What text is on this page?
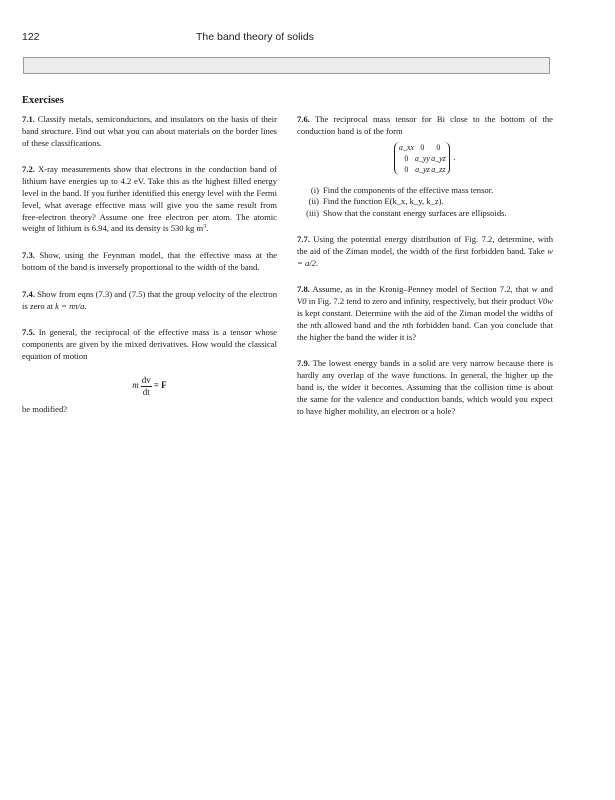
122	The band theory of solids
Exercises

7.1. Classify metals, semiconductors, and insulators on the basis of their band structure. Find out what you can about materials on the border lines of these classifications.

7.2. X-ray measurements show that electrons in the conduction band of lithium have energies up to 4.2 eV. Take this as the highest filled energy level in the band. If you further identified this energy level with the Fermi level, what average effective mass will give you the same result from free-electron theory? Assume one free electron per atom. The atomic weight of lithium is 6.94, and its density is 530 kg $m^3$.

7.3. Show, using the Feynman model, that the effective mass at the bottom of the band is inversely proportional to the width of the band.

7.4. Show from eqns (7.3) and (7.5) that the group velocity of the electron is zero at k = nπ/a.

7.5. In general, the reciprocal of the effective mass is a tensor whose components are given by the mixed derivatives. How would the classical equation of motion

m $\frac{dv}{dt} = F$

be modified?

7.6. The reciprocal mass tensor for Bi close to the bottom of the conduction band is of the form

a_xx 0	0
0 a_yy a_yz
0 a_yz a_zz
.
(i) Find the components of the effective mass tensor.
(ii) Find the function E(k_x, k_y, k_z).
(iii) Show that the constant energy surfaces are ellipsoids.

7.7. Using the potential energy distribution of Fig. 7.2, determine, with the aid of the Ziman model, the width of the first forbidden band. Take w = a/2.

7.8. Assume, as in the Kronig–Penney model of Section 7.2, that w and V0 in Fig. 7.2 tend to zero and infinity, respectively, but their product V0w is kept constant. Determine with the aid of the Ziman model the widths of the nth allowed band and the nth forbidden band. Can you conclude that the higher the band the wider it is?

7.9. The lowest energy bands in a solid are very narrow because there is hardly any overlap of the wave functions. In general, the higher up the band is, the wider it becomes. Assuming that the collision time is about the same for the valence and conduction bands, which would you expect to have higher mobility, an electron or a hole?
